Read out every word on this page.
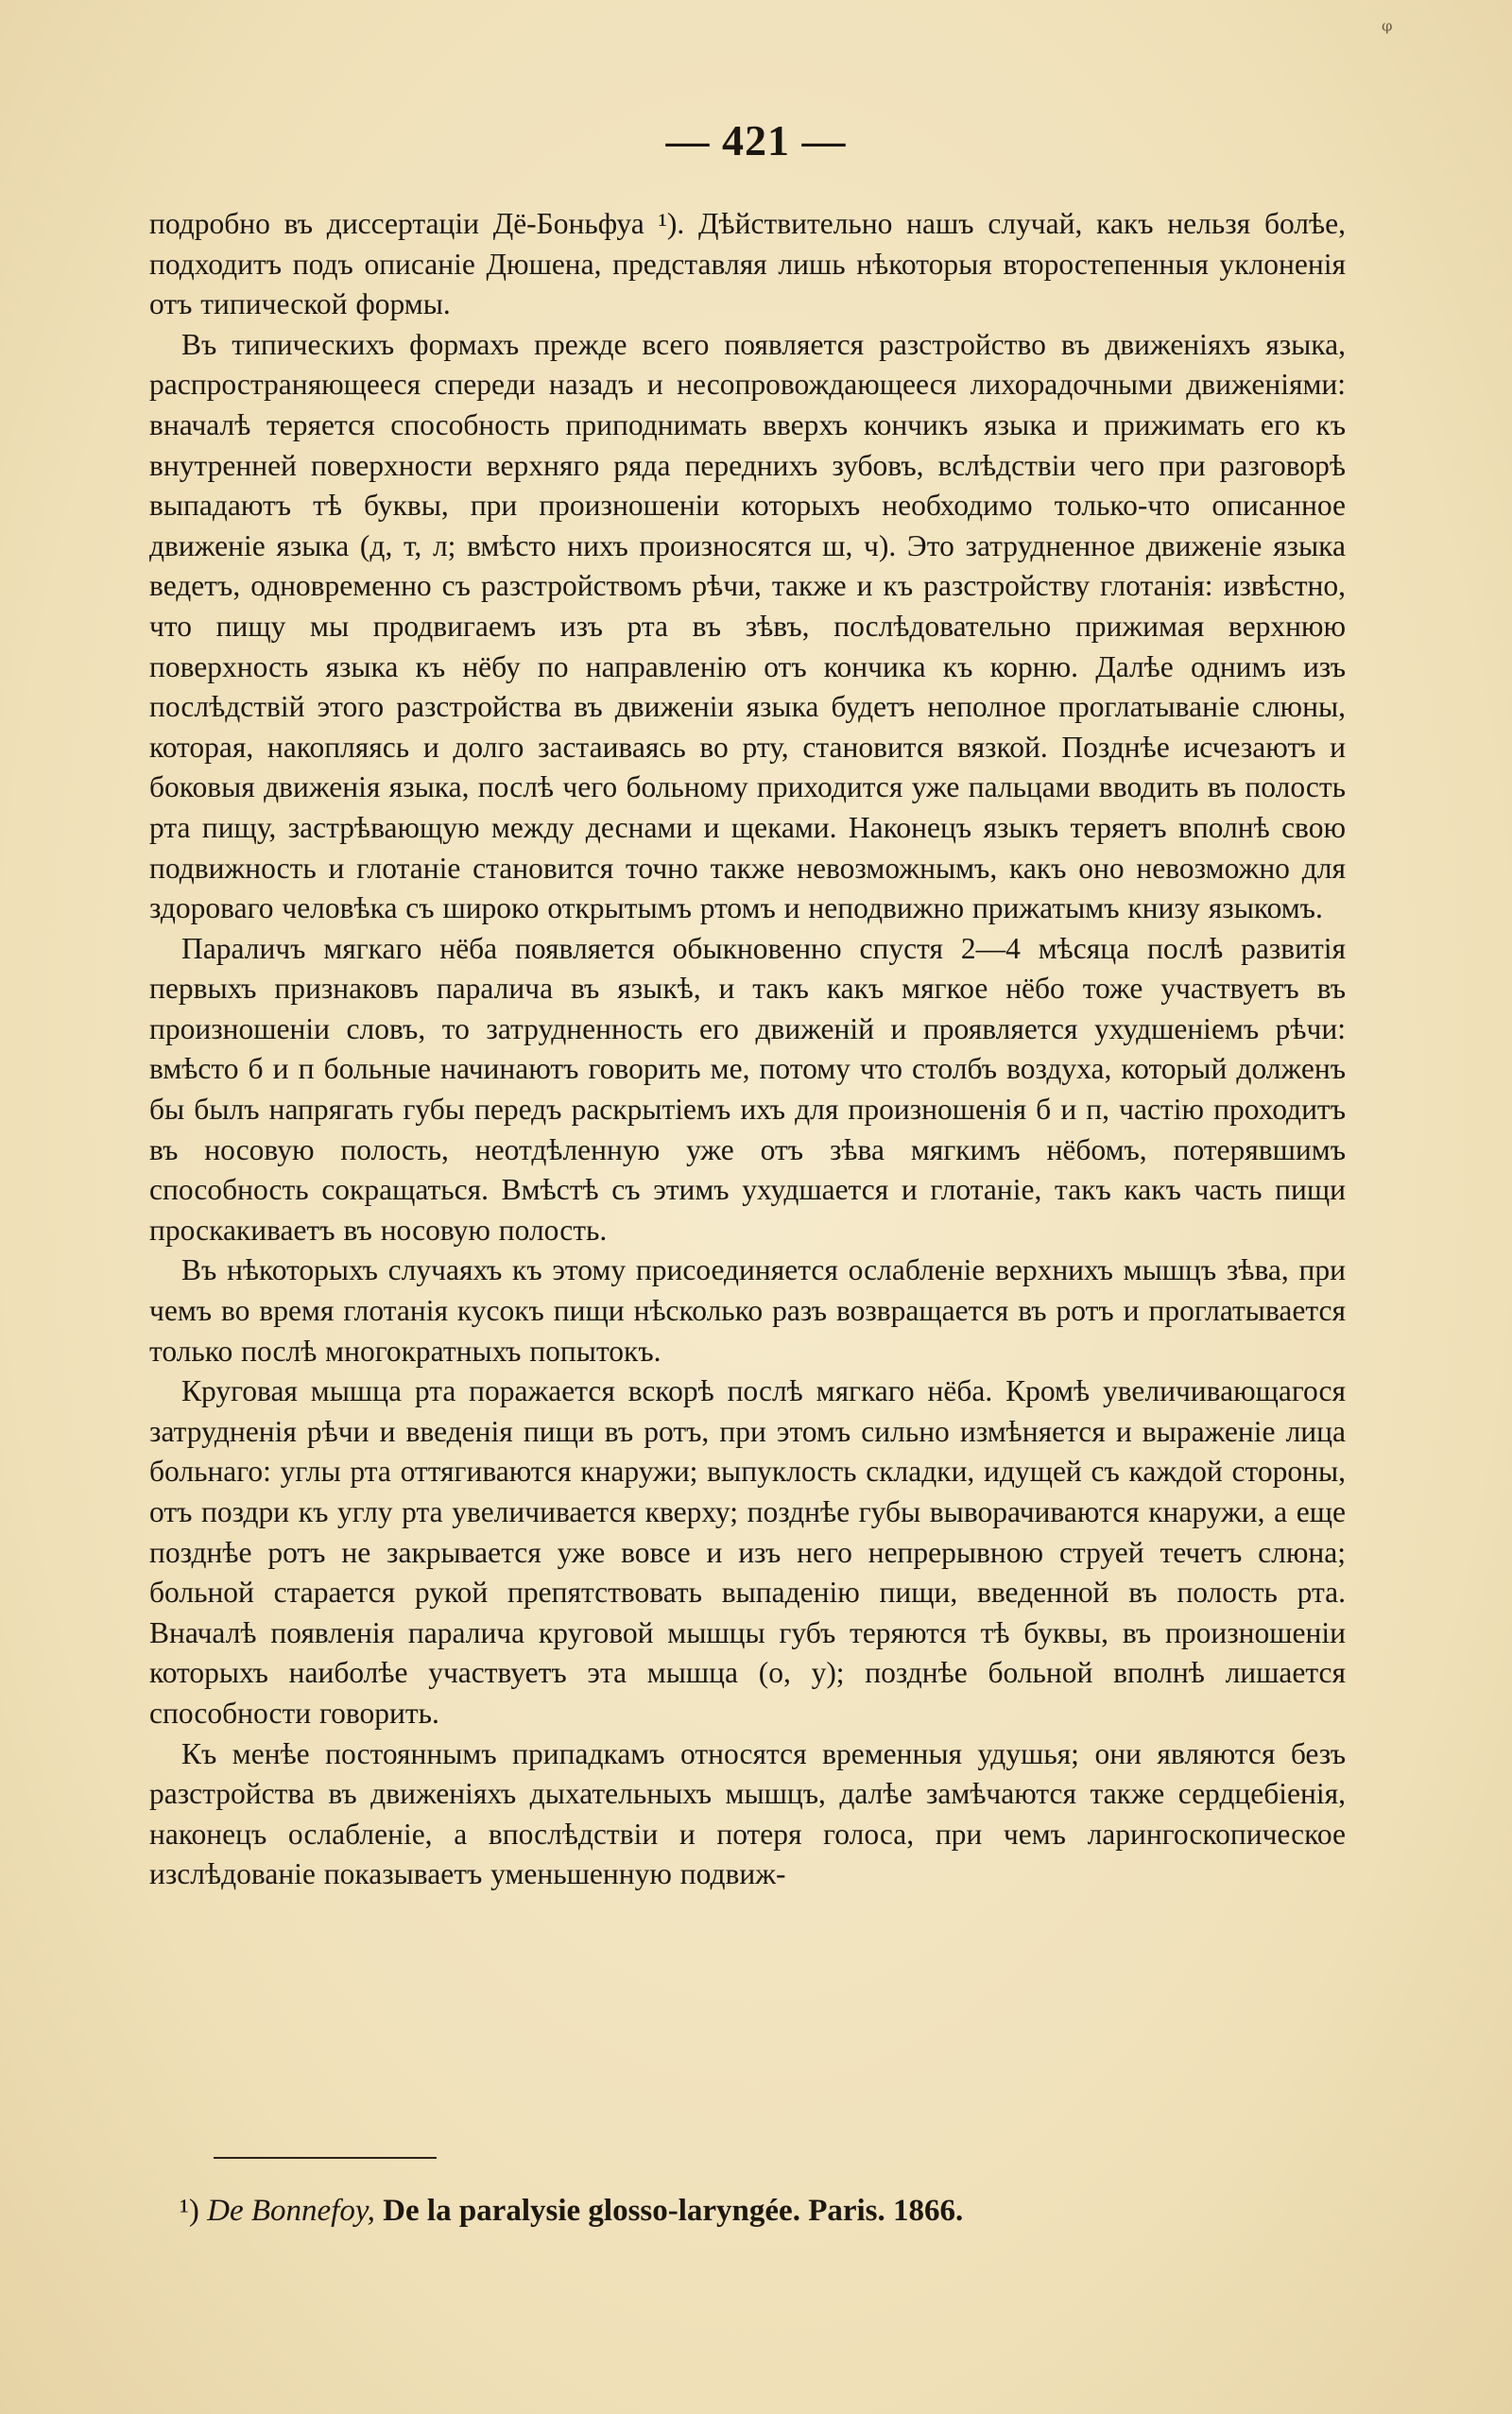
ᵠ
— 421 —

подробно въ диссертаціи Дё-Боньфуа ¹). Дѣйствительно нашъ случай, какъ нельзя болѣе, подходитъ подъ описаніе Дюшена, представляя лишь нѣкоторыя второстепенныя уклоненія отъ типической формы.

Въ типическихъ формахъ прежде всего появляется разстройство въ движеніяхъ языка, распространяющееся спереди назадъ и несопровождающееся лихорадочными движеніями: вначалѣ теряется способность приподнимать вверхъ кончикъ языка и прижимать его къ внутренней поверхности верхняго ряда переднихъ зубовъ, вслѣдствіи чего при разговорѣ выпадаютъ тѣ буквы, при произношеніи которыхъ необходимо только-что описанное движеніе языка (д, т, л; вмѣсто нихъ произносятся ш, ч). Это затрудненное движеніе языка ведетъ, одновременно съ разстройствомъ рѣчи, также и къ разстройству глотанія: извѣстно, что пищу мы продвигаемъ изъ рта въ зѣвъ, послѣдовательно прижимая верхнюю поверхность языка къ нёбу по направленію отъ кончика къ корню. Далѣе однимъ изъ послѣдствій этого разстройства въ движеніи языка будетъ неполное проглатываніе слюны, которая, накопляясь и долго застаиваясь во рту, становится вязкой. Позднѣе исчезаютъ и боковыя движенія языка, послѣ чего больному приходится уже пальцами вводить въ полость рта пищу, застрѣвающую между деснами и щеками. Наконецъ языкъ теряетъ вполнѣ свою подвижность и глотаніе становится точно также невозможнымъ, какъ оно невозможно для здороваго человѣка съ широко открытымъ ртомъ и неподвижно прижатымъ книзу языкомъ.

Параличъ мягкаго нёба появляется обыкновенно спустя 2—4 мѣсяца послѣ развитія первыхъ признаковъ паралича въ языкѣ, и такъ какъ мягкое нёбо тоже участвуетъ въ произношеніи словъ, то затрудненность его движеній и проявляется ухудшеніемъ рѣчи: вмѣсто б и п больные начинаютъ говорить ме, потому что столбъ воздуха, который долженъ бы былъ напрягать губы передъ раскрытіемъ ихъ для произношенія б и п, частію проходитъ въ носовую полость, неотдѣленную уже отъ зѣва мягкимъ нёбомъ, потерявшимъ способность сокращаться. Вмѣстѣ съ этимъ ухудшается и глотаніе, такъ какъ часть пищи проскакиваетъ въ носовую полость.

Въ нѣкоторыхъ случаяхъ къ этому присоединяется ослабленіе верхнихъ мышцъ зѣва, при чемъ во время глотанія кусокъ пищи нѣсколько разъ возвращается въ ротъ и проглатывается только послѣ многократныхъ попытокъ.

Круговая мышца рта поражается вскорѣ послѣ мягкаго нёба. Кромѣ увеличивающагося затрудненія рѣчи и введенія пищи въ ротъ, при этомъ сильно измѣняется и выраженіе лица больнаго: углы рта оттягиваются кнаружи; выпуклость складки, идущей съ каждой стороны, отъ поздри къ углу рта увеличивается кверху; позднѣе губы выворачиваются кнаружи, а еще позднѣе ротъ не закрывается уже вовсе и изъ него непрерывною струей течетъ слюна; больной старается рукой препятствовать выпаденію пищи, введенной въ полость рта. Вначалѣ появленія паралича круговой мышцы губъ теряются тѣ буквы, въ произношеніи которыхъ наиболѣе участвуетъ эта мышца (о, у); позднѣе больной вполнѣ лишается способности говорить.

Къ менѣе постояннымъ припадкамъ относятся временныя удушья; они являются безъ разстройства въ движеніяхъ дыхательныхъ мышцъ, далѣе замѣчаются также сердцебіенія, наконецъ ослабленіе, а впослѣдствіи и потеря голоса, при чемъ ларингоскопическое изслѣдованіе показываетъ уменьшенную подвиж-

¹) De Bonnefoy, De la paralysie glosso-laryngée. Paris. 1866.
